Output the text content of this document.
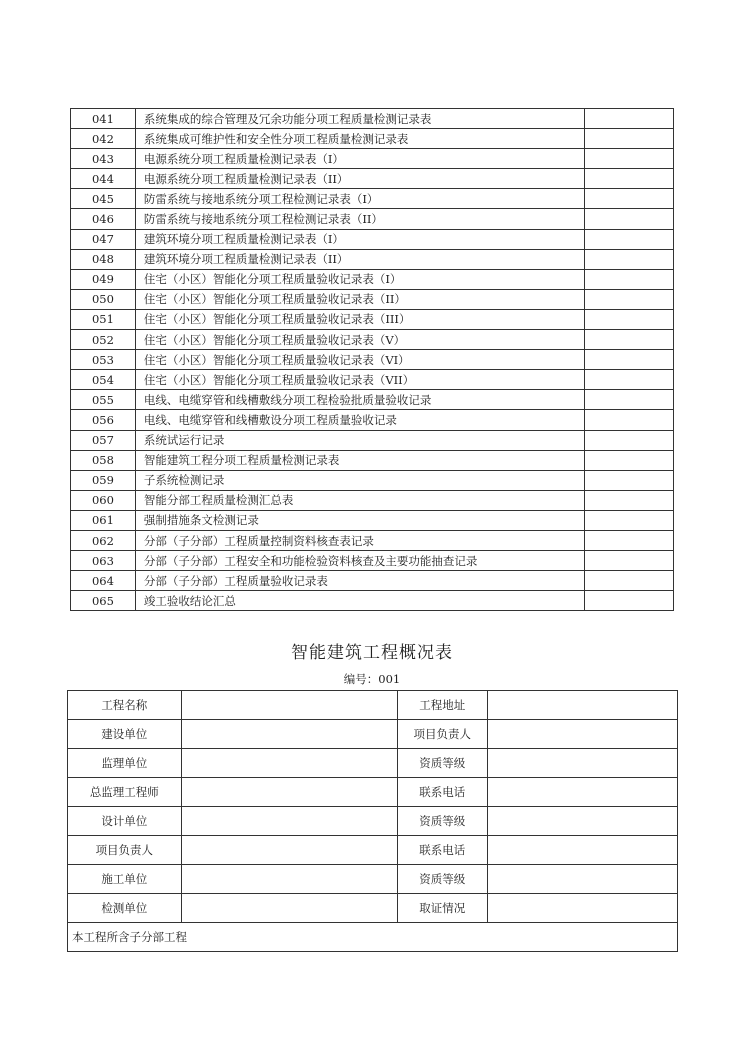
041	系统集成的综合管理及冗余功能分项工程质量检测记录表	
042	系统集成可维护性和安全性分项工程质量检测记录表	
043	电源系统分项工程质量检测记录表（I）	
044	电源系统分项工程质量检测记录表（II）	
045	防雷系统与接地系统分项工程检测记录表（I）	
046	防雷系统与接地系统分项工程检测记录表（II）	
047	建筑环境分项工程质量检测记录表（I）	
048	建筑环境分项工程质量检测记录表（II）	
049	住宅（小区）智能化分项工程质量验收记录表（I）	
050	住宅（小区）智能化分项工程质量验收记录表（II）	
051	住宅（小区）智能化分项工程质量验收记录表（III）	
052	住宅（小区）智能化分项工程质量验收记录表（V）	
053	住宅（小区）智能化分项工程质量验收记录表（VI）	
054	住宅（小区）智能化分项工程质量验收记录表（VII）	
055	电线、电缆穿管和线槽敷线分项工程检验批质量验收记录	
056	电线、电缆穿管和线槽敷设分项工程质量验收记录	
057	系统试运行记录	
058	智能建筑工程分项工程质量检测记录表	
059	子系统检测记录	
060	智能分部工程质量检测汇总表	
061	强制措施条文检测记录	
062	分部（子分部）工程质量控制资料核查表记录	
063	分部（子分部）工程安全和功能检验资料核查及主要功能抽查记录	
064	分部（子分部）工程质量验收记录表	
065	竣工验收结论汇总	
智能建筑工程概况表
编号：001
工程名称		工程地址	
建设单位		项目负责人	
监理单位		资质等级	
总监理工程师		联系电话	
设计单位		资质等级	
项目负责人		联系电话	
施工单位		资质等级	
检测单位		取证情况	
本工程所含子分部工程			
